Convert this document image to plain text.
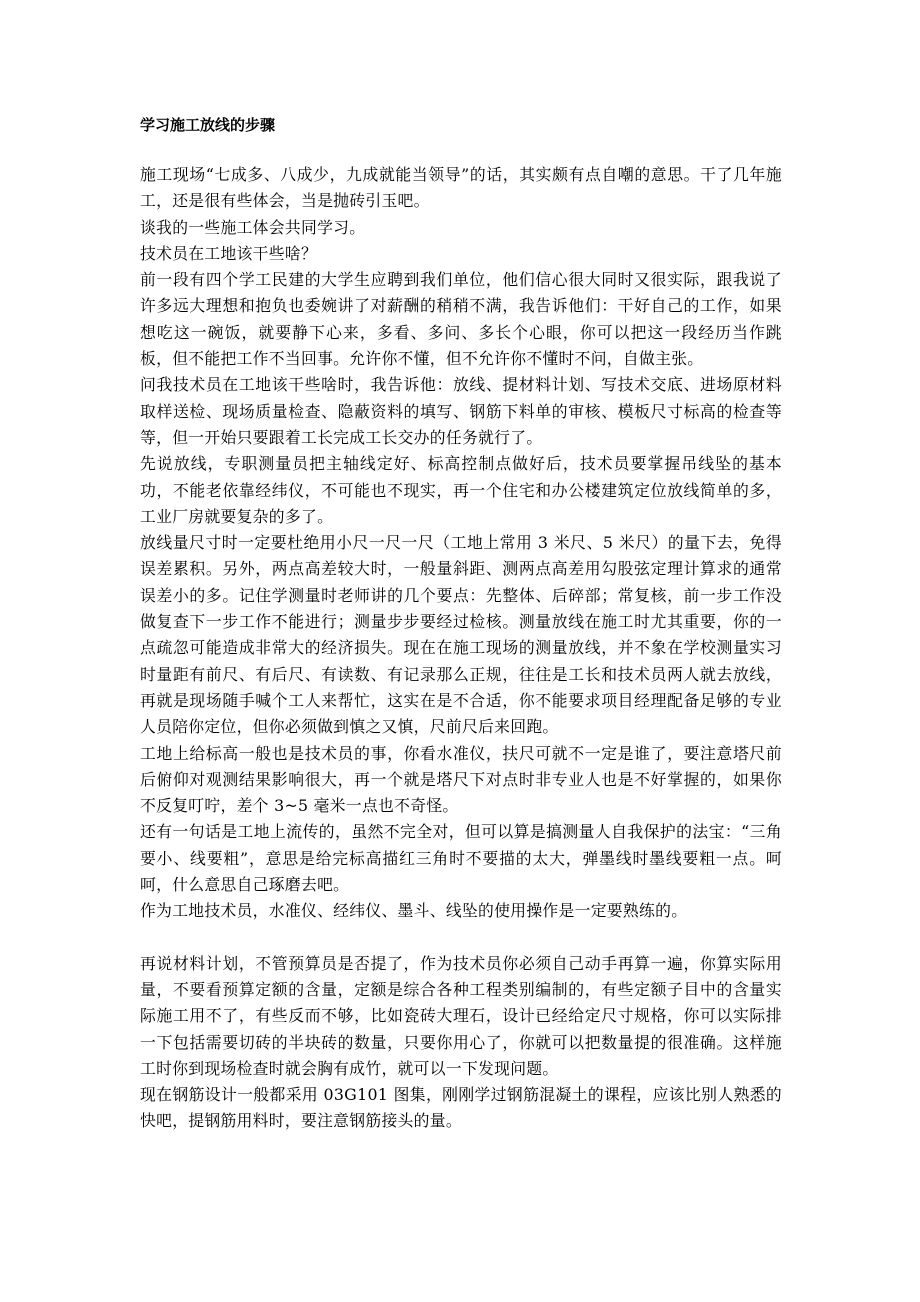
学习施工放线的步骤

施工现场“七成多、八成少，九成就能当领导”的话，其实颇有点自嘲的意思。干了几年施工，还是很有些体会，当是抛砖引玉吧。

谈我的一些施工体会共同学习。

技术员在工地该干些啥？

前一段有四个学工民建的大学生应聘到我们单位，他们信心很大同时又很实际，跟我说了许多远大理想和抱负也委婉讲了对薪酬的稍稍不满，我告诉他们：干好自己的工作，如果想吃这一碗饭，就要静下心来，多看、多问、多长个心眼，你可以把这一段经历当作跳板，但不能把工作不当回事。允许你不懂，但不允许你不懂时不问，自做主张。

问我技术员在工地该干些啥时，我告诉他：放线、提材料计划、写技术交底、进场原材料取样送检、现场质量检查、隐蔽资料的填写、钢筋下料单的审核、模板尺寸标高的检查等等，但一开始只要跟着工长完成工长交办的任务就行了。

先说放线，专职测量员把主轴线定好、标高控制点做好后，技术员要掌握吊线坠的基本功，不能老依靠经纬仪，不可能也不现实，再一个住宅和办公楼建筑定位放线简单的多，工业厂房就要复杂的多了。

放线量尺寸时一定要杜绝用小尺一尺一尺（工地上常用 3 米尺、5 米尺）的量下去，免得误差累积。另外，两点高差较大时，一般量斜距、测两点高差用勾股弦定理计算求的通常误差小的多。记住学测量时老师讲的几个要点：先整体、后碎部；常复核，前一步工作没做复查下一步工作不能进行；测量步步要经过检核。测量放线在施工时尤其重要，你的一点疏忽可能造成非常大的经济损失。现在在施工现场的测量放线，并不象在学校测量实习时量距有前尺、有后尺、有读数、有记录那么正规，往往是工长和技术员两人就去放线，再就是现场随手喊个工人来帮忙，这实在是不合适，你不能要求项目经理配备足够的专业人员陪你定位，但你必须做到慎之又慎，尺前尺后来回跑。

工地上给标高一般也是技术员的事，你看水准仪，扶尺可就不一定是谁了，要注意塔尺前后俯仰对观测结果影响很大，再一个就是塔尺下对点时非专业人也是不好掌握的，如果你不反复叮咛，差个 3~5 毫米一点也不奇怪。

还有一句话是工地上流传的，虽然不完全对，但可以算是搞测量人自我保护的法宝：“三角要小、线要粗”，意思是给完标高描红三角时不要描的太大，弹墨线时墨线要粗一点。呵呵，什么意思自己琢磨去吧。

作为工地技术员，水准仪、经纬仪、墨斗、线坠的使用操作是一定要熟练的。

再说材料计划，不管预算员是否提了，作为技术员你必须自己动手再算一遍，你算实际用量，不要看预算定额的含量，定额是综合各种工程类别编制的，有些定额子目中的含量实际施工用不了，有些反而不够，比如瓷砖大理石，设计已经给定尺寸规格，你可以实际排一下包括需要切砖的半块砖的数量，只要你用心了，你就可以把数量提的很准确。这样施工时你到现场检查时就会胸有成竹，就可以一下发现问题。

现在钢筋设计一般都采用 03G101 图集，刚刚学过钢筋混凝土的课程，应该比别人熟悉的快吧，提钢筋用料时，要注意钢筋接头的量。
